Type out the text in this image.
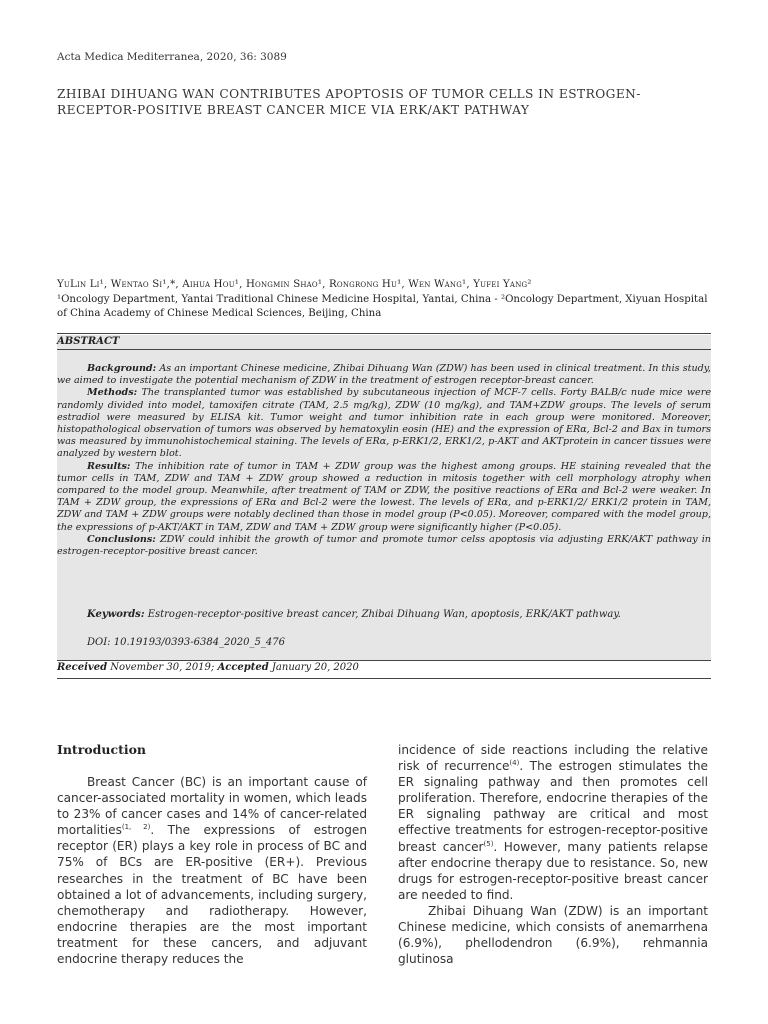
Acta Medica Mediterranea, 2020, 36: 3089
ZHIBAI DIHUANG WAN CONTRIBUTES APOPTOSIS OF TUMOR CELLS IN ESTROGEN-RECEPTOR-POSITIVE BREAST CANCER MICE VIA ERK/AKT PATHWAY
YuLin Li¹, Wentao Si¹,*, Aihua Hou¹, Hongmin Shao¹, Rongrong Hu¹, Wen Wang¹, Yufei Yang²
¹Oncology Department, Yantai Traditional Chinese Medicine Hospital, Yantai, China - ²Oncology Department, Xiyuan Hospital of China Academy of Chinese Medical Sciences, Beijing, China
ABSTRACT

Background: As an important Chinese medicine, Zhibai Dihuang Wan (ZDW) has been used in clinical treatment. In this study, we aimed to investigate the potential mechanism of ZDW in the treatment of estrogen receptor-breast cancer.

Methods: The transplanted tumor was established by subcutaneous injection of MCF-7 cells. Forty BALB/c nude mice were randomly divided into model, tamoxifen citrate (TAM, 2.5 mg/kg), ZDW (10 mg/kg), and TAM+ZDW groups. The levels of serum estradiol were measured by ELISA kit. Tumor weight and tumor inhibition rate in each group were monitored. Moreover, histopathological observation of tumors was observed by hematoxylin eosin (HE) and the expression of ERα, Bcl-2 and Bax in tumors was measured by immunohistochemical staining. The levels of ERα, p-ERK1/2, ERK1/2, p-AKT and AKTprotein in cancer tissues were analyzed by western blot.

Results: The inhibition rate of tumor in TAM + ZDW group was the highest among groups. HE staining revealed that the tumor cells in TAM, ZDW and TAM + ZDW group showed a reduction in mitosis together with cell morphology atrophy when compared to the model group. Meanwhile, after treatment of TAM or ZDW, the positive reactions of ERα and Bcl-2 were weaker. In TAM + ZDW group, the expressions of ERα and Bcl-2 were the lowest. The levels of ERα, and p-ERK1/2/ ERK1/2 protein in TAM, ZDW and TAM + ZDW groups were notably declined than those in model group (P<0.05). Moreover, compared with the model group, the expressions of p-AKT/AKT in TAM, ZDW and TAM + ZDW group were significantly higher (P<0.05).

Conclusions: ZDW could inhibit the growth of tumor and promote tumor celss apoptosis via adjusting ERK/AKT pathway in estrogen-receptor-positive breast cancer.

Keywords: Estrogen-receptor-positive breast cancer, Zhibai Dihuang Wan, apoptosis, ERK/AKT pathway.
DOI: 10.19193/0393-6384_2020_5_476
Received November 30, 2019; Accepted January 20, 2020
Introduction

Breast Cancer (BC) is an important cause of cancer-associated mortality in women, which leads to 23% of cancer cases and 14% of cancer-related mortalities$^{(1, 2)}$. The expressions of estrogen receptor (ER) plays a key role in process of BC and 75% of BCs are ER-positive (ER+). Previous researches in the treatment of BC have been obtained a lot of advancements, including surgery, chemotherapy and radiotherapy. However, endocrine therapies are the most important treatment for these cancers, and adjuvant endocrine therapy reduces the

incidence of side reactions including the relative risk of recurrence$^{(4)}$. The estrogen stimulates the ER signaling pathway and then promotes cell proliferation. Therefore, endocrine therapies of the ER signaling pathway are critical and most effective treatments for estrogen-receptor-positive breast cancer$^{(5)}$. However, many patients relapse after endocrine therapy due to resistance. So, new drugs for estrogen-receptor-positive breast cancer are needed to find.

Zhibai Dihuang Wan (ZDW) is an important Chinese medicine, which consists of anemarrhena (6.9%), phellodendron (6.9%), rehmannia glutinosa
